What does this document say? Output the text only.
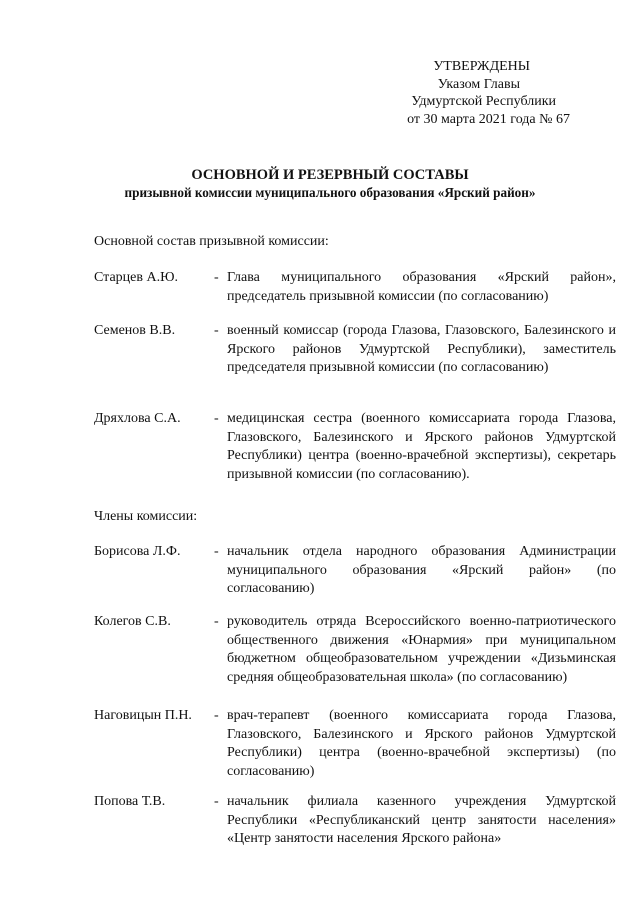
УТВЕРЖДЕНЫ
Указом Главы
Удмуртской Республики
от 30 марта 2021 года № 67
ОСНОВНОЙ И РЕЗЕРВНЫЙ СОСТАВЫ
призывной комиссии муниципального образования «Ярский район»
Основной состав призывной комиссии:
Старцев А.Ю.	- Глава муниципального образования «Ярский район», председатель призывной комиссии (по согласованию)
Семенов В.В.	- военный комиссар (города Глазова, Глазовского, Балезинского и Ярского районов Удмуртской Республики), заместитель председателя призывной комиссии (по согласованию)
Дряхлова С.А.	- медицинская сестра (военного комиссариата города Глазова, Глазовского, Балезинского и Ярского районов Удмуртской Республики) центра (военно-врачебной экспертизы), секретарь призывной комиссии (по согласованию).
Члены комиссии:
Борисова Л.Ф.	- начальник отдела народного образования Администрации муниципального образования «Ярский район» (по согласованию)
Колегов С.В.	- руководитель отряда Всероссийского военно-патриотического общественного движения «Юнармия» при муниципальном бюджетном общеобразовательном учреждении «Дизьминская средняя общеобразовательная школа» (по согласованию)
Наговицын П.Н.	- врач-терапевт (военного комиссариата города Глазова, Глазовского, Балезинского и Ярского районов Удмуртской Республики) центра (военно-врачебной экспертизы) (по согласованию)
Попова Т.В.	- начальник филиала казенного учреждения Удмуртской Республики «Республиканский центр занятости населения» «Центр занятости населения Ярского района»
